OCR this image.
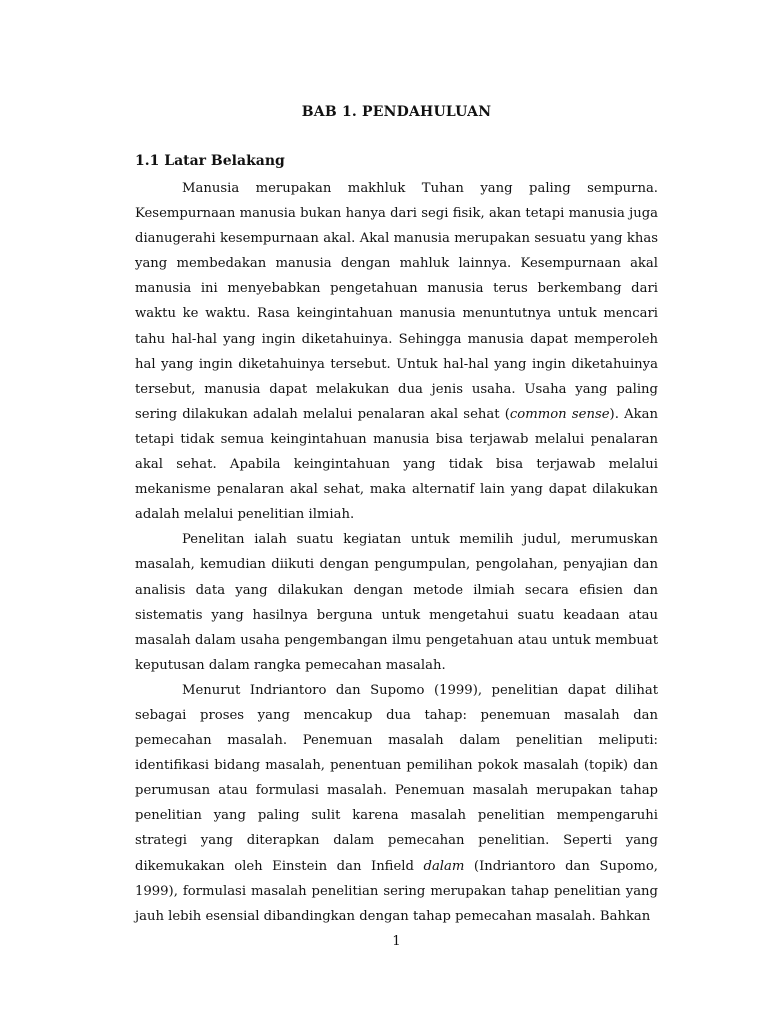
BAB 1. PENDAHULUAN
1.1 Latar Belakang

Manusia merupakan makhluk Tuhan yang paling sempurna. Kesempurnaan manusia bukan hanya dari segi fisik, akan tetapi manusia juga dianugerahi kesempurnaan akal. Akal manusia merupakan sesuatu yang khas yang membedakan manusia dengan mahluk lainnya. Kesempurnaan akal manusia ini menyebabkan pengetahuan manusia terus berkembang dari waktu ke waktu. Rasa keingintahuan manusia menuntutnya untuk mencari tahu hal-hal yang ingin diketahuinya. Sehingga manusia dapat memperoleh hal yang ingin diketahuinya tersebut. Untuk hal-hal yang ingin diketahuinya tersebut, manusia dapat melakukan dua jenis usaha. Usaha yang paling sering dilakukan adalah melalui penalaran akal sehat (common sense). Akan tetapi tidak semua keingintahuan manusia bisa terjawab melalui penalaran akal sehat. Apabila keingintahuan yang tidak bisa terjawab melalui mekanisme penalaran akal sehat, maka alternatif lain yang dapat dilakukan adalah melalui penelitian ilmiah.

Penelitan ialah suatu kegiatan untuk memilih judul, merumuskan masalah, kemudian diikuti dengan pengumpulan, pengolahan, penyajian dan analisis data yang dilakukan dengan metode ilmiah secara efisien dan sistematis yang hasilnya berguna untuk mengetahui suatu keadaan atau masalah dalam usaha pengembangan ilmu pengetahuan atau untuk membuat keputusan dalam rangka pemecahan masalah.

Menurut Indriantoro dan Supomo (1999), penelitian dapat dilihat sebagai proses yang mencakup dua tahap: penemuan masalah dan pemecahan masalah. Penemuan masalah dalam penelitian meliputi: identifikasi bidang masalah, penentuan pemilihan pokok masalah (topik) dan perumusan atau formulasi masalah. Penemuan masalah merupakan tahap penelitian yang paling sulit karena masalah penelitian mempengaruhi strategi yang diterapkan dalam pemecahan penelitian. Seperti yang dikemukakan oleh Einstein dan Infield dalam (Indriantoro dan Supomo, 1999), formulasi masalah penelitian sering merupakan tahap penelitian yang jauh lebih esensial dibandingkan dengan tahap pemecahan masalah. Bahkan

1
